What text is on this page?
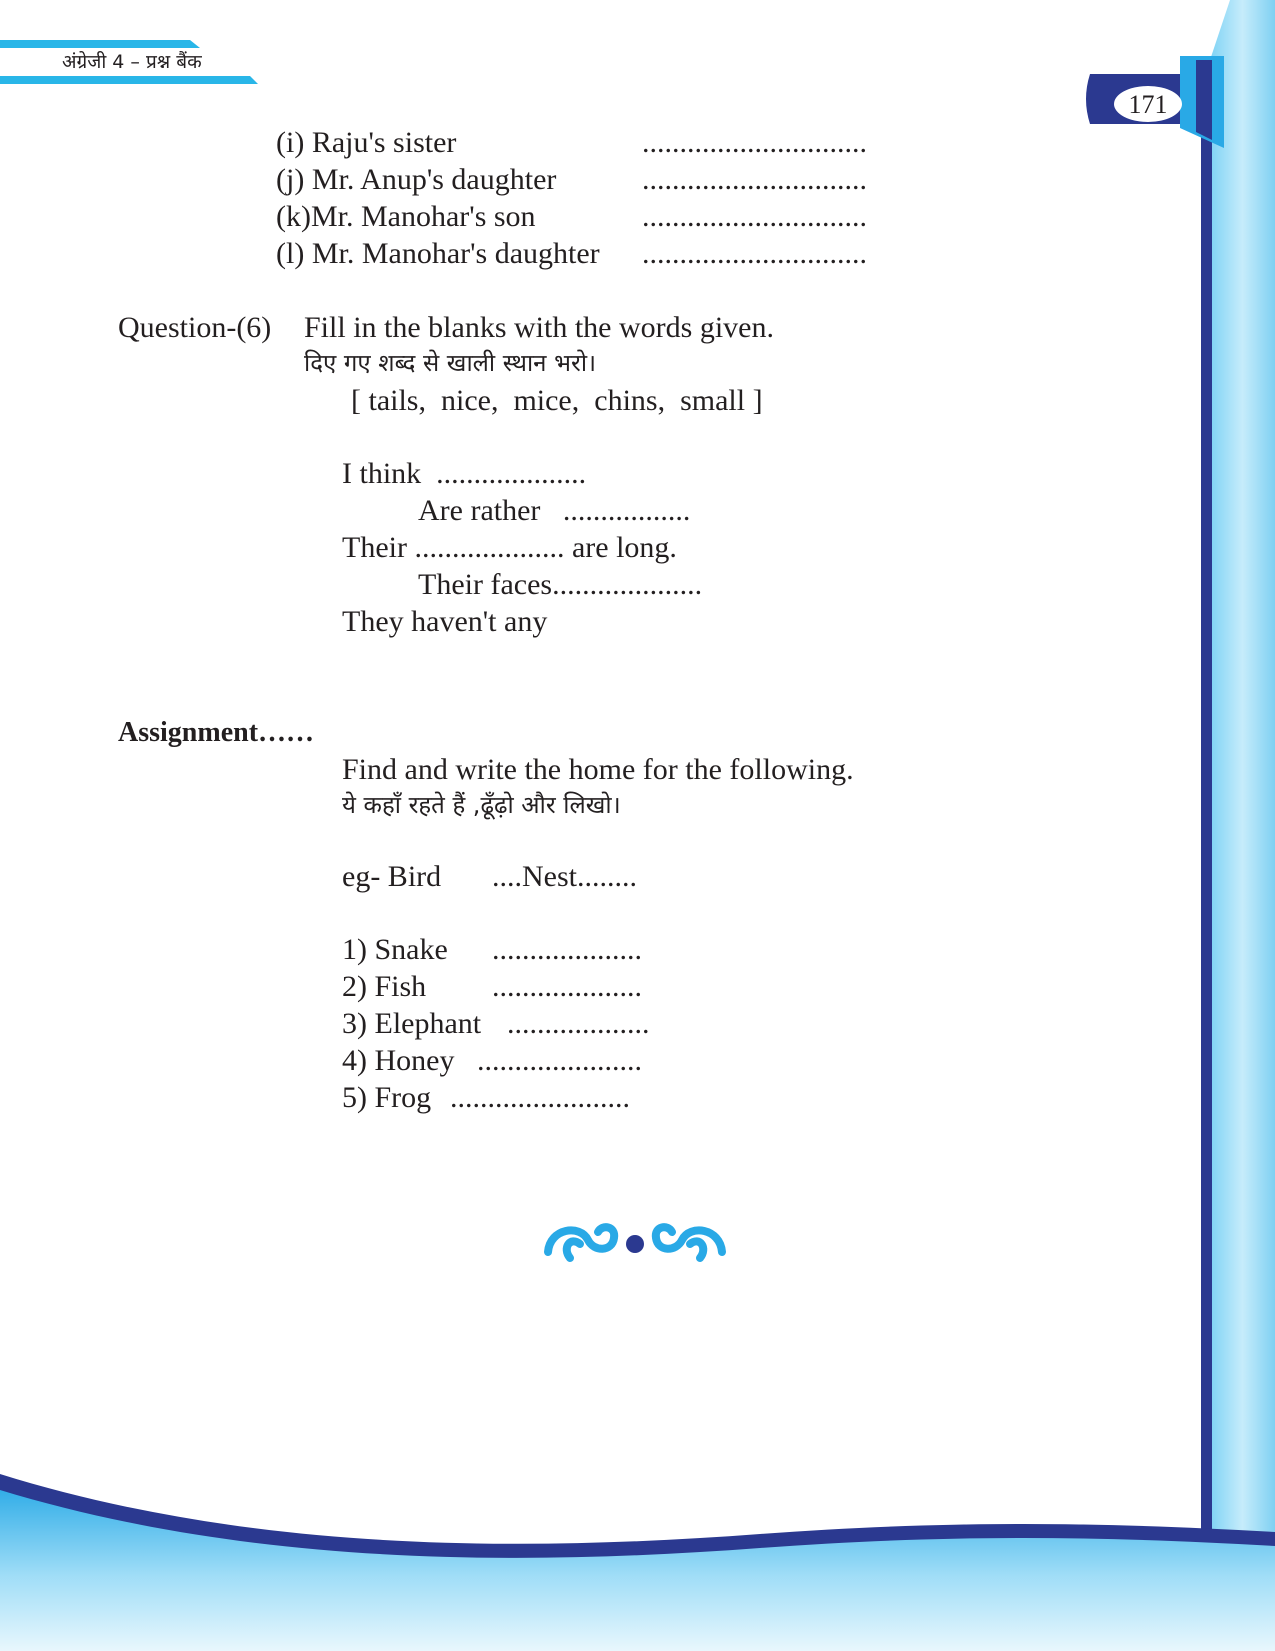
अंग्रेजी 4 – प्रश्न बैंक
171
(i) Raju's sister	..............................
(j) Mr. Anup's daughter	..............................
(k)Mr. Manohar's son	..............................
(l) Mr. Manohar's daughter ..............................
Question-(6) Fill in the blanks with the words given.
दिए गए शब्द से खाली स्थान भरो।
[ tails,  nice,  mice,  chins,  small ]
I think  ....................
Are rather   .................
Their .................... are long.
Their faces....................
They haven't any
Assignment……
Find and write the home for the following.
ये कहाँ रहते हैं ,ढूँढ़ो और लिखो।
eg- Bird ....Nest........
1) Snake ....................
2) Fish ....................
3) Elephant ...................
4) Honey ......................
5) Frog ........................
